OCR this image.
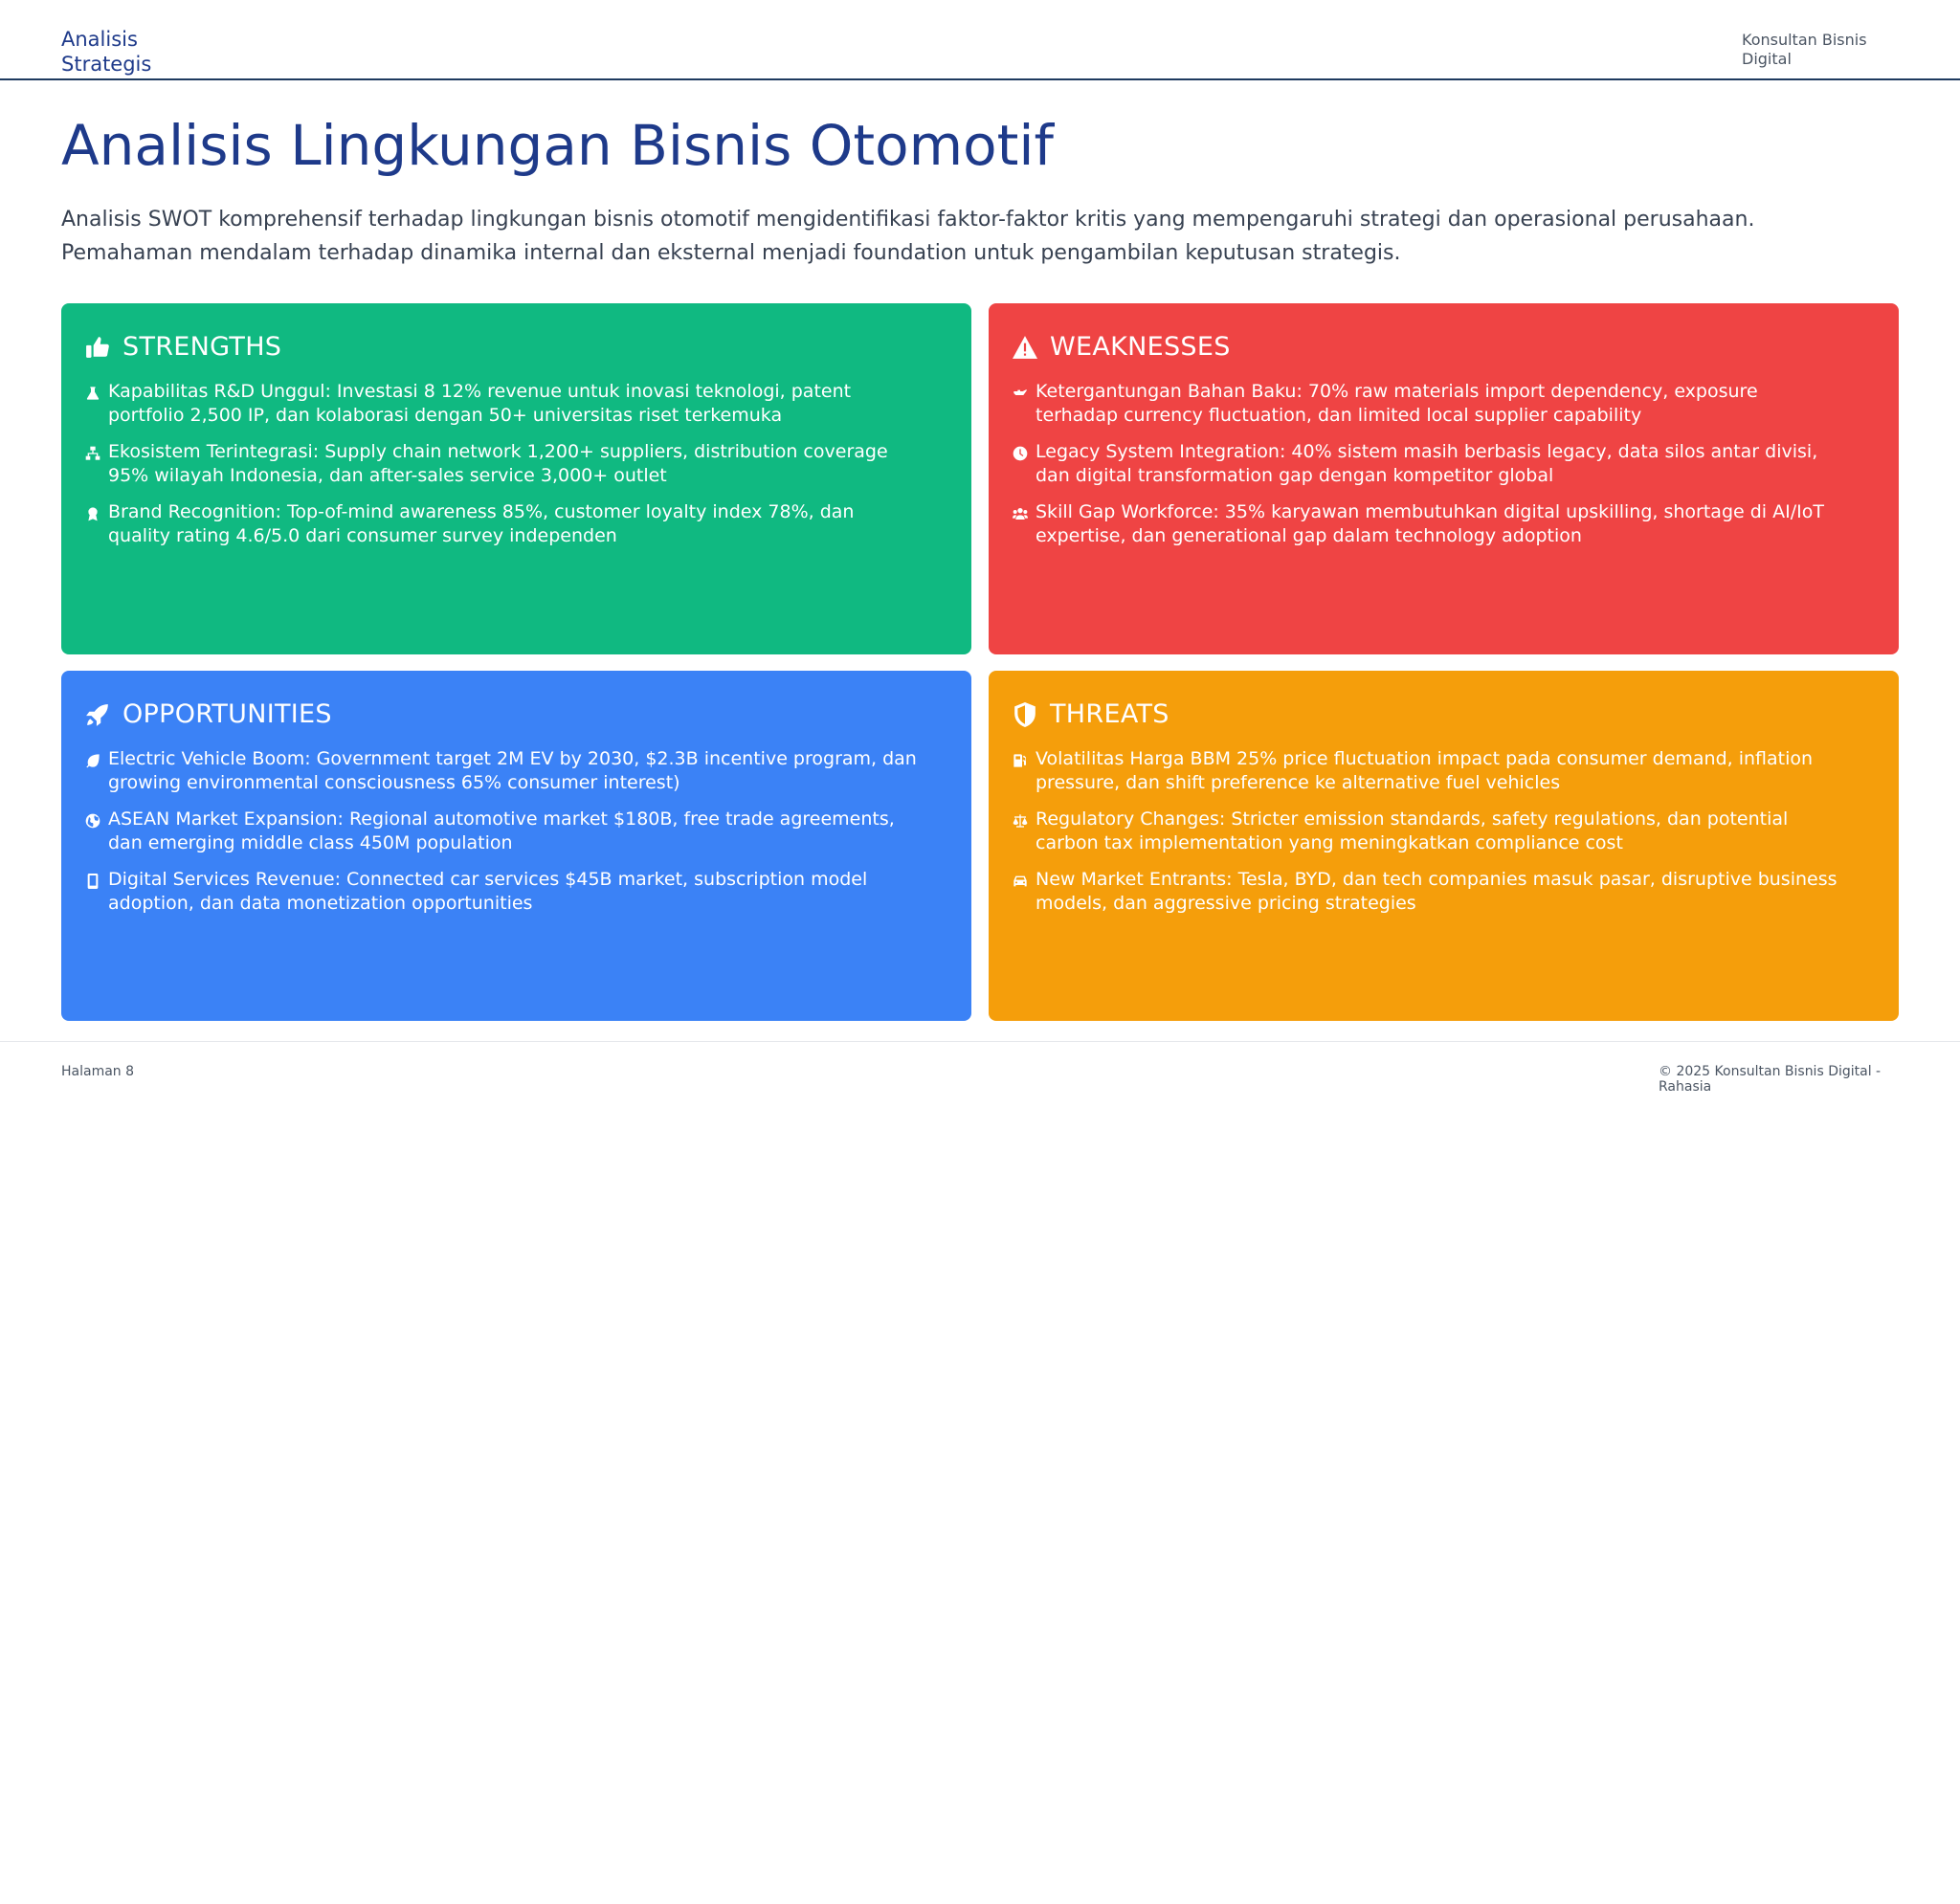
Analisis Strategis
Konsultan Bisnis Digital
Analisis Lingkungan Bisnis Otomotif

Analisis SWOT komprehensif terhadap lingkungan bisnis otomotif mengidentifikasi faktor-faktor kritis yang mempengaruhi strategi dan operasional perusahaan. Pemahaman mendalam terhadap dinamika internal dan eksternal menjadi foundation untuk pengambilan keputusan strategis.

STRENGTHS
Kapabilitas R&D Unggul: Investasi 8 12% revenue untuk inovasi teknologi, patent portfolio 2,500 IP, dan kolaborasi dengan 50+ universitas riset terkemuka
Ekosistem Terintegrasi: Supply chain network 1,200+ suppliers, distribution coverage 95% wilayah Indonesia, dan after-sales service 3,000+ outlet
Brand Recognition: Top-of-mind awareness 85%, customer loyalty index 78%, dan quality rating 4.6/5.0 dari consumer survey independen
WEAKNESSES
Ketergantungan Bahan Baku: 70% raw materials import dependency, exposure terhadap currency fluctuation, dan limited local supplier capability
Legacy System Integration: 40% sistem masih berbasis legacy, data silos antar divisi, dan digital transformation gap dengan kompetitor global
Skill Gap Workforce: 35% karyawan membutuhkan digital upskilling, shortage di AI/IoT expertise, dan generational gap dalam technology adoption
OPPORTUNITIES
Electric Vehicle Boom: Government target 2M EV by 2030, $2.3B incentive program, dan growing environmental consciousness 65% consumer interest)
ASEAN Market Expansion: Regional automotive market $180B, free trade agreements, dan emerging middle class 450M population
Digital Services Revenue: Connected car services $45B market, subscription model adoption, dan data monetization opportunities
THREATS
Volatilitas Harga BBM 25% price fluctuation impact pada consumer demand, inflation pressure, dan shift preference ke alternative fuel vehicles
Regulatory Changes: Stricter emission standards, safety regulations, dan potential carbon tax implementation yang meningkatkan compliance cost
New Market Entrants: Tesla, BYD, dan tech companies masuk pasar, disruptive business models, dan aggressive pricing strategies
Halaman 8	© 2025 Konsultan Bisnis Digital - Rahasia
